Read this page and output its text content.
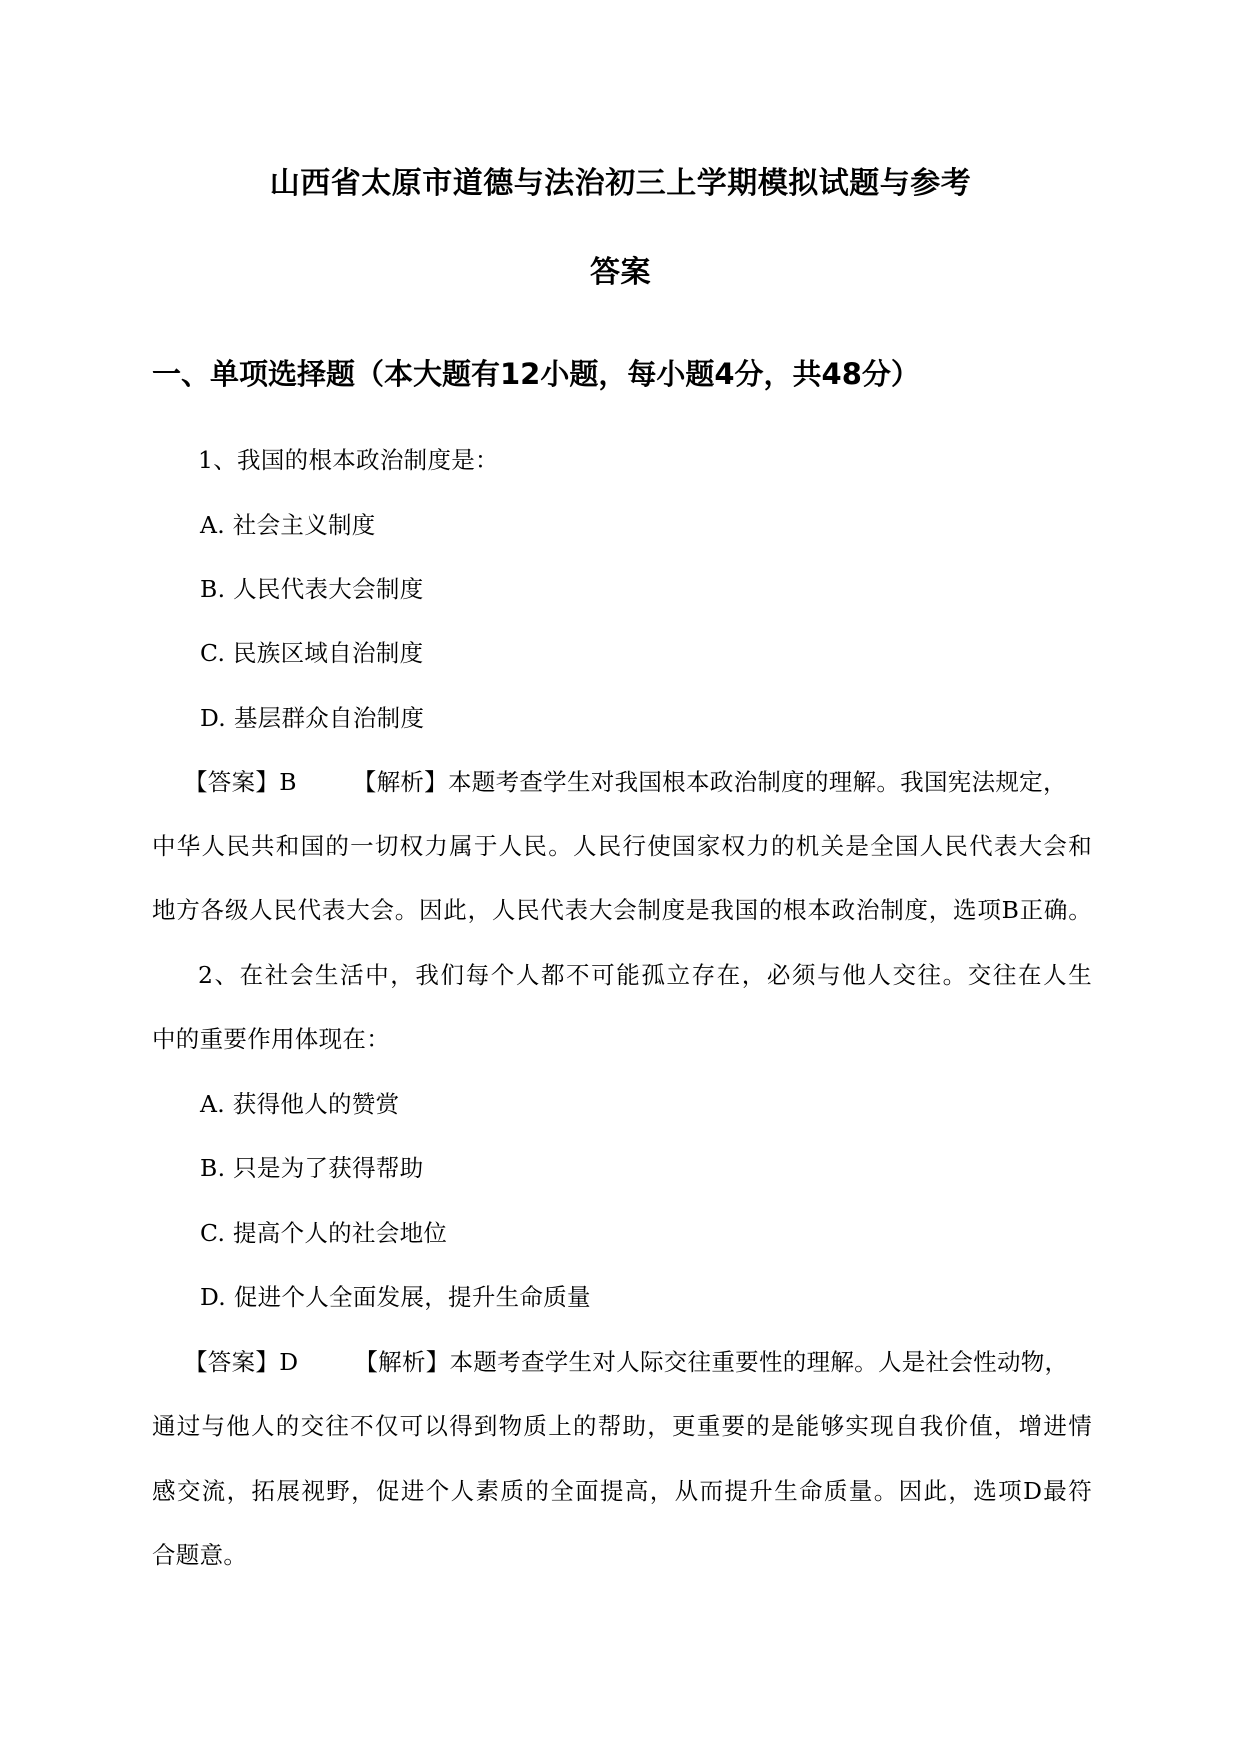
山西省太原市道德与法治初三上学期模拟试题与参考
答案
一、单项选择题（本大题有12小题，每小题4分，共48分）
1、我国的根本政治制度是：
A. 社会主义制度
B. 人民代表大会制度
C. 民族区域自治制度
D. 基层群众自治制度
【答案】B 【解析】本题考查学生对我国根本政治制度的理解。我国宪法规定，
中华人民共和国的一切权力属于人民。人民行使国家权力的机关是全国人民代表大会和
地方各级人民代表大会。因此，人民代表大会制度是我国的根本政治制度，选项B正确。
2、在社会生活中，我们每个人都不可能孤立存在，必须与他人交往。交往在人生
中的重要作用体现在：
A. 获得他人的赞赏
B. 只是为了获得帮助
C. 提高个人的社会地位
D. 促进个人全面发展，提升生命质量
【答案】D 【解析】本题考查学生对人际交往重要性的理解。人是社会性动物，
通过与他人的交往不仅可以得到物质上的帮助，更重要的是能够实现自我价值，增进情
感交流，拓展视野，促进个人素质的全面提高，从而提升生命质量。因此，选项D最符
合题意。
